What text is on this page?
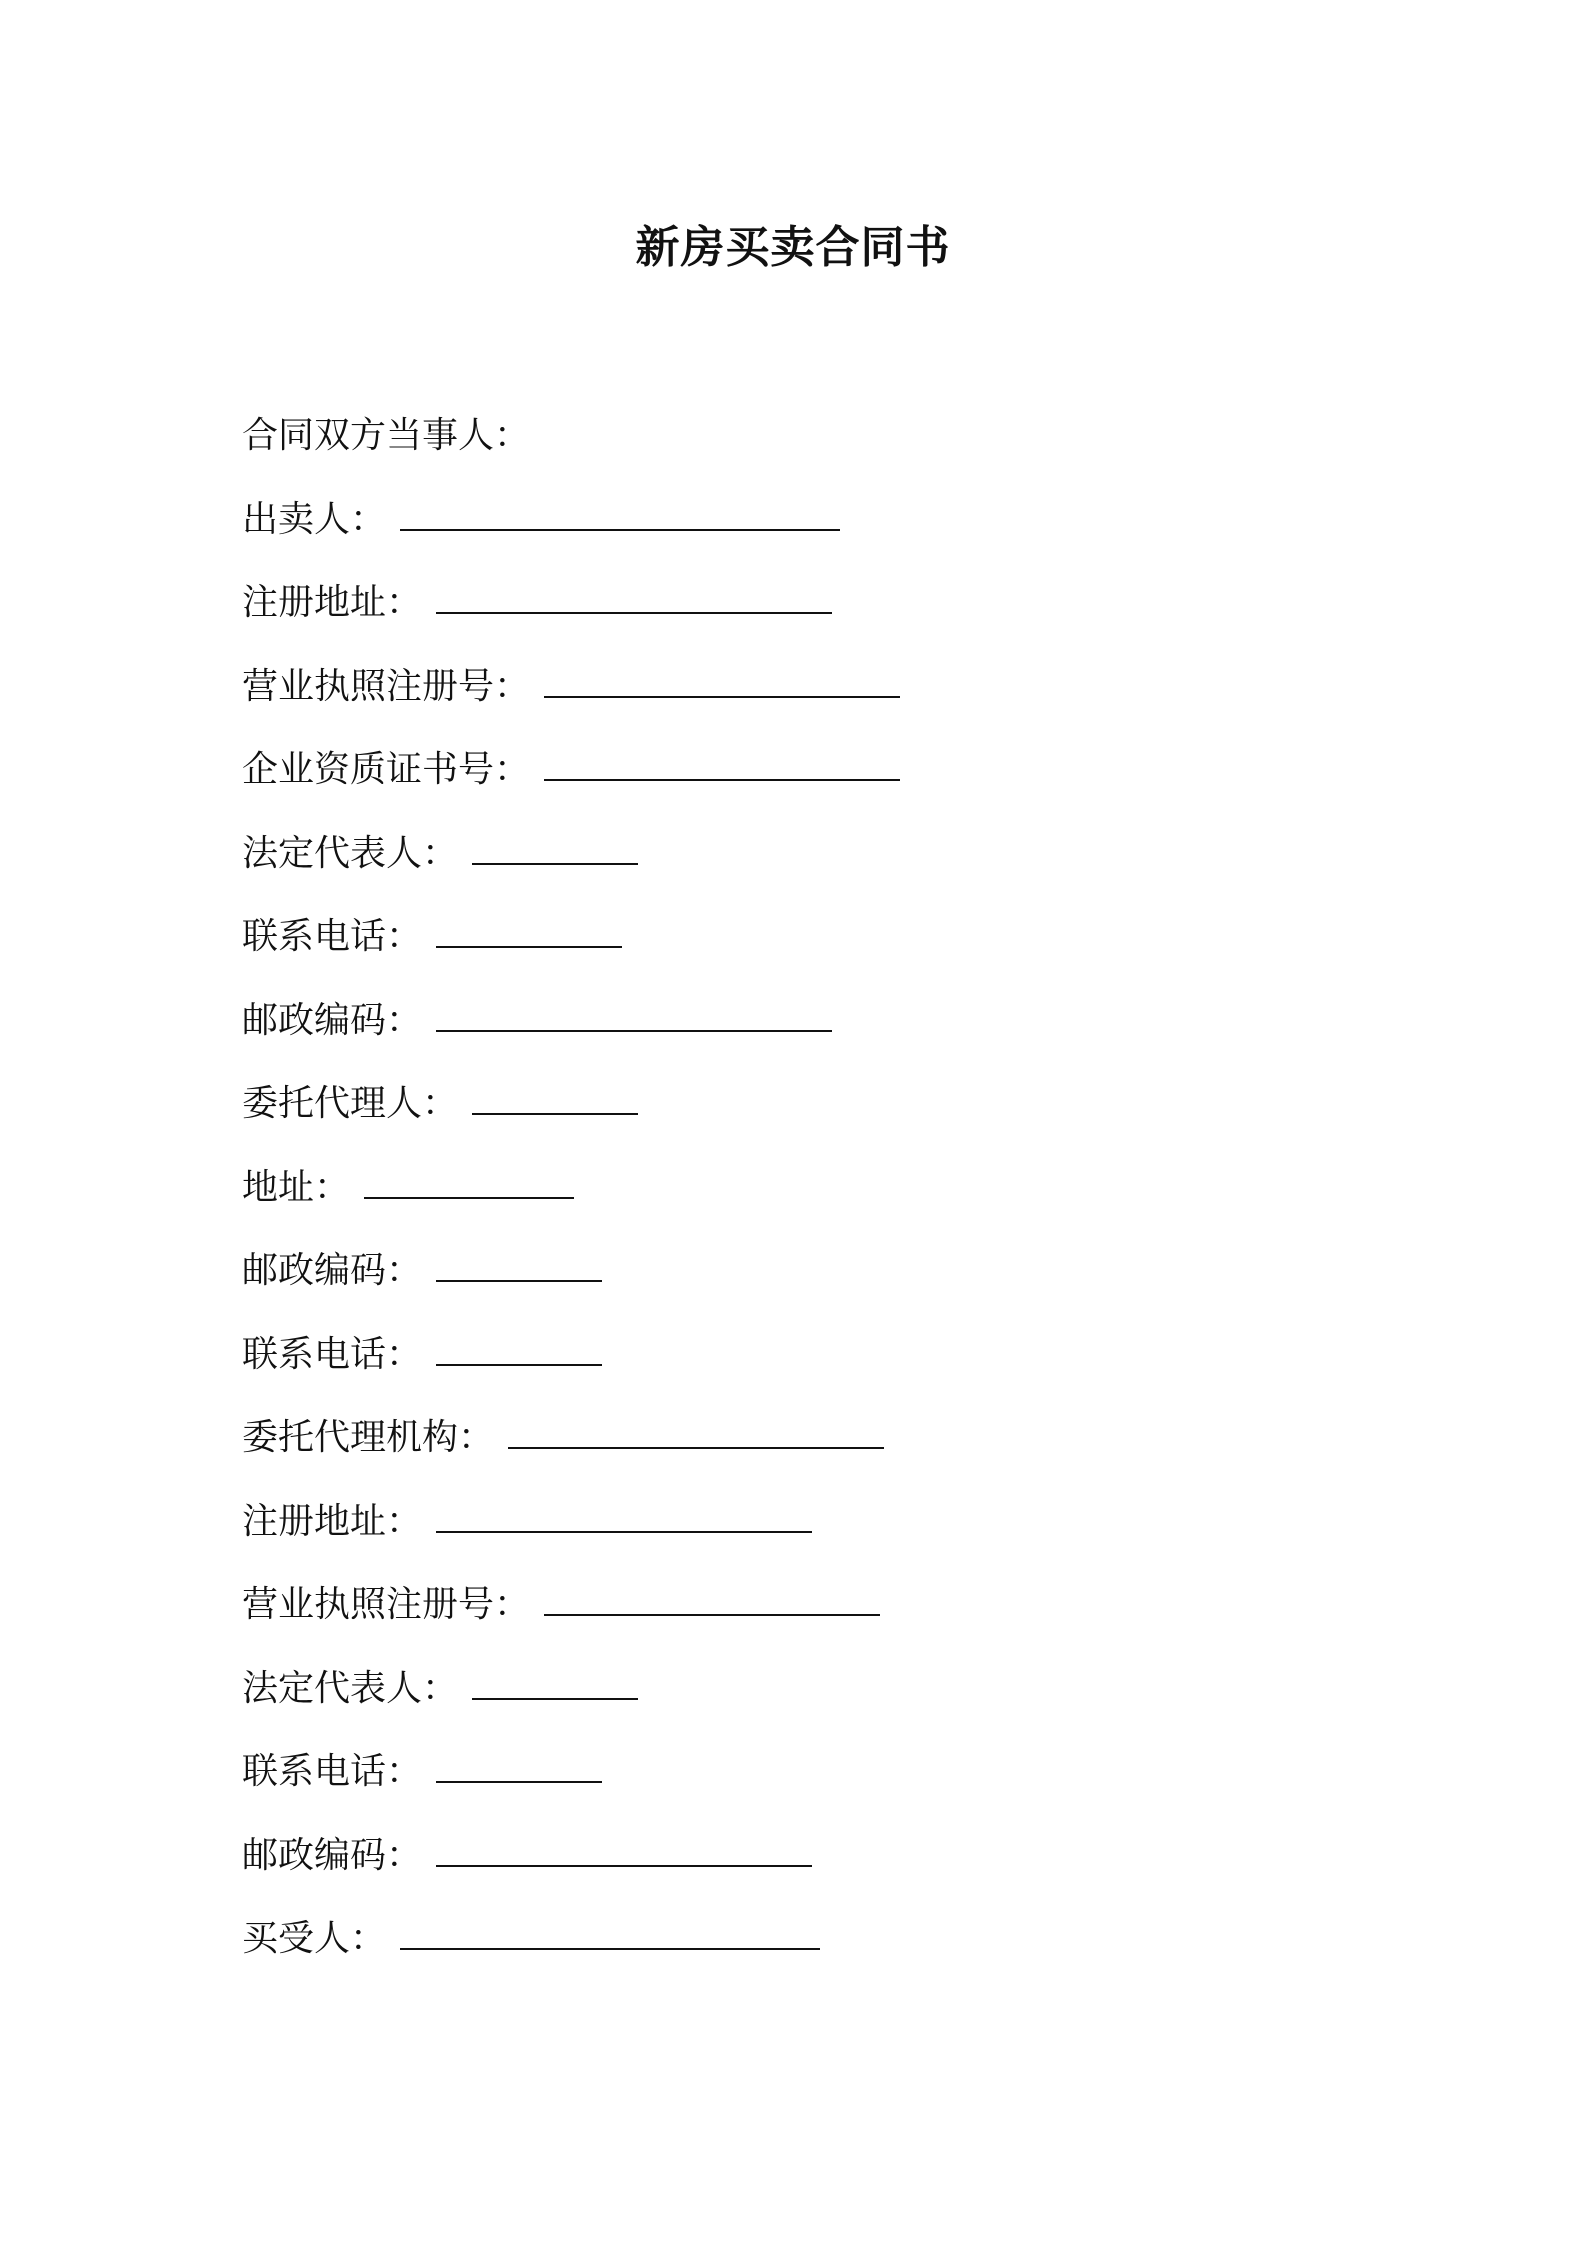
新房买卖合同书
合同双方当事人：
出卖人：
注册地址：
营业执照注册号：
企业资质证书号：
法定代表人：
联系电话：
邮政编码：
委托代理人：
地址：
邮政编码：
联系电话：
委托代理机构：
注册地址：
营业执照注册号：
法定代表人：
联系电话：
邮政编码：
买受人：
